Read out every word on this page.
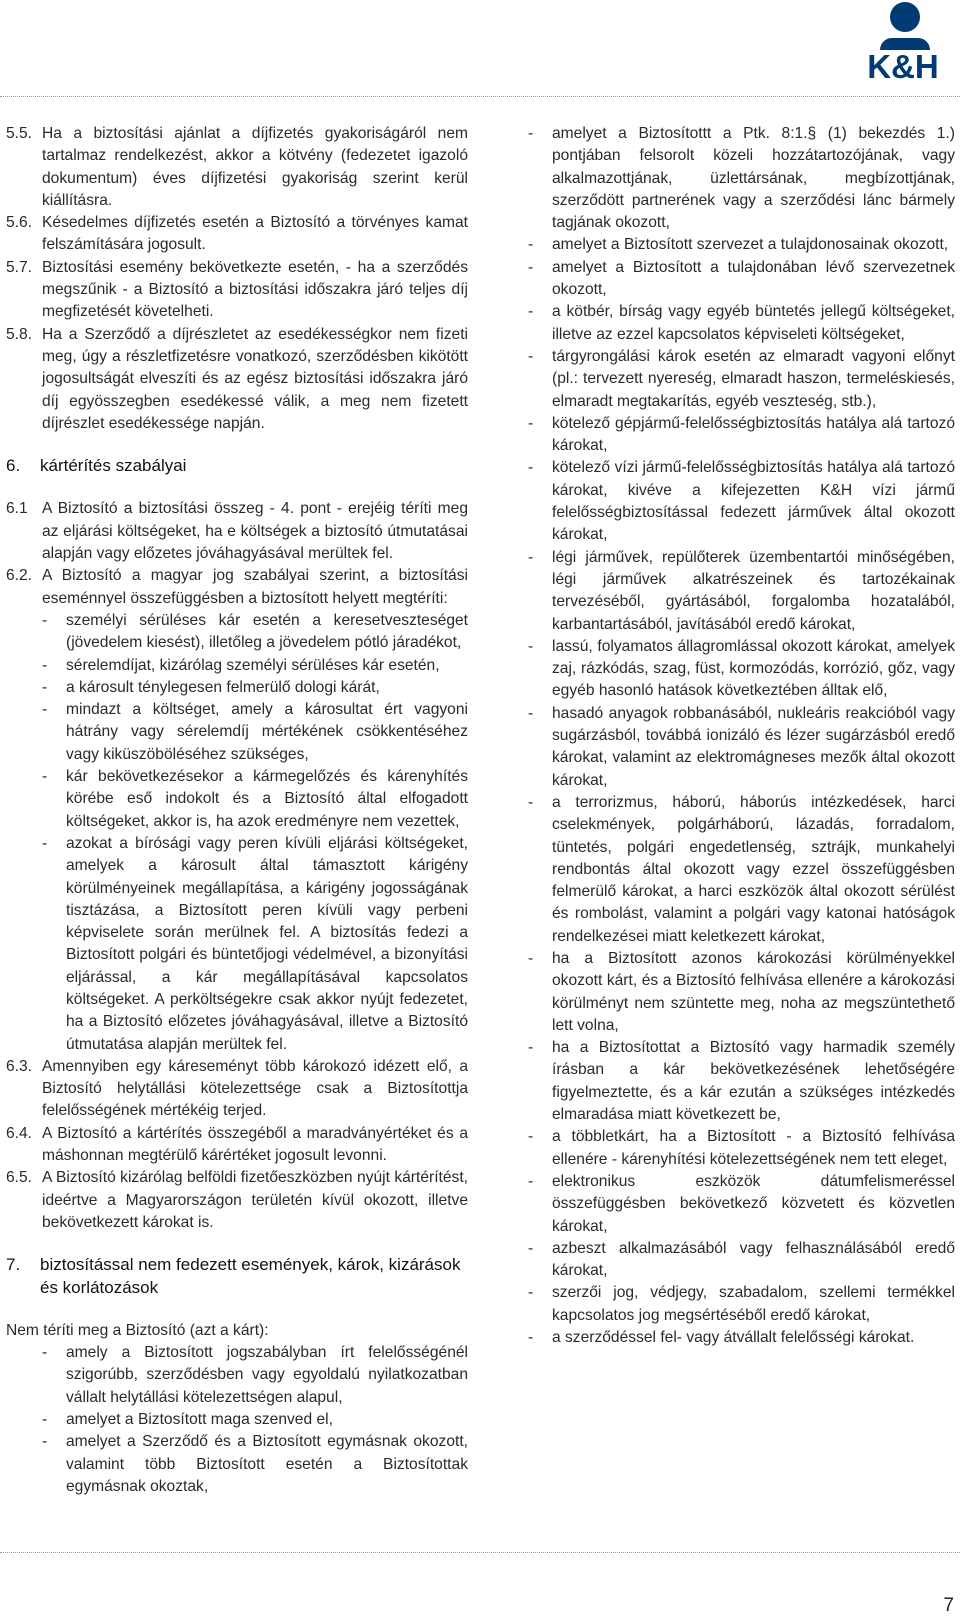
K&H
5.5. Ha a biztosítási ajánlat a díjfizetés gyakoriságáról nem tartalmaz rendelkezést, akkor a kötvény (fedezetet igazoló dokumentum) éves díjfizetési gyakoriság szerint kerül kiállításra.
5.6. Késedelmes díjfizetés esetén a Biztosító a törvényes kamat felszámítására jogosult.
5.7. Biztosítási esemény bekövetkezte esetén, - ha a szerződés megszűnik - a Biztosító a biztosítási időszakra járó teljes díj megfizetését követelheti.
5.8. Ha a Szerződő a díjrészletet az esedékességkor nem fizeti meg, úgy a részletfizetésre vonatkozó, szerződésben kikötött jogosultságát elveszíti és az egész biztosítási időszakra járó díj egyösszegben esedékessé válik, a meg nem fizetett díjrészlet esedékessége napján.
6.	kártérítés szabályai
6.1 A Biztosító a biztosítási összeg - 4. pont - erejéig téríti meg az eljárási költségeket, ha e költségek a biztosító útmutatásai alapján vagy előzetes jóváhagyásával merültek fel.
6.2. A Biztosító a magyar jog szabályai szerint, a biztosítási eseménnyel összefüggésben a biztosított helyett megtéríti:
-	személyi sérüléses kár esetén a keresetveszteséget (jövedelem kiesést), illetőleg a jövedelem pótló járadékot,
-	sérelemdíjat, kizárólag személyi sérüléses kár esetén,
-	a károsult ténylegesen felmerülő dologi kárát,
-	mindazt a költséget, amely a károsultat ért vagyoni hátrány vagy sérelemdíj mértékének csökkentéséhez vagy kiküszöböléséhez szükséges,
-	kár bekövetkezésekor a kármegelőzés és kárenyhítés körébe eső indokolt és a Biztosító által elfogadott költségeket, akkor is, ha azok eredményre nem vezettek,
-	azokat a bírósági vagy peren kívüli eljárási költségeket, amelyek a károsult által támasztott kárigény körülményeinek megállapítása, a kárigény jogosságának tisztázása, a Biztosított peren kívüli vagy perbeni képviselete során merülnek fel. A biztosítás fedezi a Biztosított polgári és büntetőjogi védelmével, a bizonyítási eljárással, a kár megállapításával kapcsolatos költségeket. A perköltségekre csak akkor nyújt fedezetet, ha a Biztosító előzetes jóváhagyásával, illetve a Biztosító útmutatása alapján merültek fel.
6.3. Amennyiben egy káreseményt több károkozó idézett elő, a Biztosító helytállási kötelezettsége csak a Biztosítottja felelősségének mértékéig terjed.
6.4. A Biztosító a kártérítés összegéből a maradványértéket és a máshonnan megtérülő kárértéket jogosult levonni.
6.5. A Biztosító kizárólag belföldi fizetőeszközben nyújt kártérítést, ideértve a Magyarországon területén kívül okozott, illetve bekövetkezett károkat is.
7.	biztosítással nem fedezett események, károk, kizárások és korlátozások

Nem téríti meg a Biztosító (azt a kárt):

-	amely a Biztosított jogszabályban írt felelősségénél szigorúbb, szerződésben vagy egyoldalú nyilatkozatban vállalt helytállási kötelezettségen alapul,
-	amelyet a Biztosított maga szenved el,
-	amelyet a Szerződő és a Biztosított egymásnak okozott, valamint több Biztosított esetén a Biztosítottak egymásnak okoztak,
-	amelyet a Biztosítottt a Ptk. 8:1.§ (1) bekezdés 1.) pontjában felsorolt közeli hozzátartozójának, vagy alkalmazottjának, üzlettársának, megbízottjának, szerződött partnerének vagy a szerződési lánc bármely tagjának okozott,
-	amelyet a Biztosított szervezet a tulajdonosainak okozott,
-	amelyet a Biztosított a tulajdonában lévő szervezetnek okozott,
-	a kötbér, bírság vagy egyéb büntetés jellegű költségeket, illetve az ezzel kapcsolatos képviseleti költségeket,
-	tárgyrongálási károk esetén az elmaradt vagyoni előnyt (pl.: tervezett nyereség, elmaradt haszon, termeléskiesés, elmaradt megtakarítás, egyéb veszteség, stb.),
-	kötelező gépjármű-felelősségbiztosítás hatálya alá tartozó károkat,
-	kötelező vízi jármű-felelősségbiztosítás hatálya alá tartozó károkat, kivéve a kifejezetten K&H vízi jármű felelősségbiztosítással fedezett járművek által okozott károkat,
-	légi járművek, repülőterek üzembentartói minőségében, légi járművek alkatrészeinek és tartozékainak tervezéséből, gyártásából, forgalomba hozatalából, karbantartásából, javításából eredő károkat,
-	lassú, folyamatos állagromlással okozott károkat, amelyek zaj, rázkódás, szag, füst, kormozódás, korrózió, gőz, vagy egyéb hasonló hatások következtében álltak elő,
-	hasadó anyagok robbanásából, nukleáris reakcióból vagy sugárzásból, továbbá ionizáló és lézer sugárzásból eredő károkat, valamint az elektromágneses mezők által okozott károkat,
-	a terrorizmus, háború, háborús intézkedések, harci cselekmények, polgárháború, lázadás, forradalom, tüntetés, polgári engedetlenség, sztrájk, munkahelyi rendbontás által okozott vagy ezzel összefüggésben felmerülő károkat, a harci eszközök által okozott sérülést és rombolást, valamint a polgári vagy katonai hatóságok rendelkezései miatt keletkezett károkat,
-	ha a Biztosított azonos károkozási körülményekkel okozott kárt, és a Biztosító felhívása ellenére a károkozási körülményt nem szüntette meg, noha az megszüntethető lett volna,
-	ha a Biztosítottat a Biztosító vagy harmadik személy írásban a kár bekövetkezésének lehetőségére figyelmeztette, és a kár ezután a szükséges intézkedés elmaradása miatt következett be,
-	a többletkárt, ha a Biztosított - a Biztosító felhívása ellenére - kárenyhítési kötelezettségének nem tett eleget,
-	elektronikus eszközök dátumfelismeréssel összefüggésben bekövetkező közvetett és közvetlen károkat,
-	azbeszt alkalmazásából vagy felhasználásából eredő károkat,
-	szerzői jog, védjegy, szabadalom, szellemi termékkel kapcsolatos jog megsértéséből eredő károkat,
-	a szerződéssel fel- vagy átvállalt felelősségi károkat.
7
